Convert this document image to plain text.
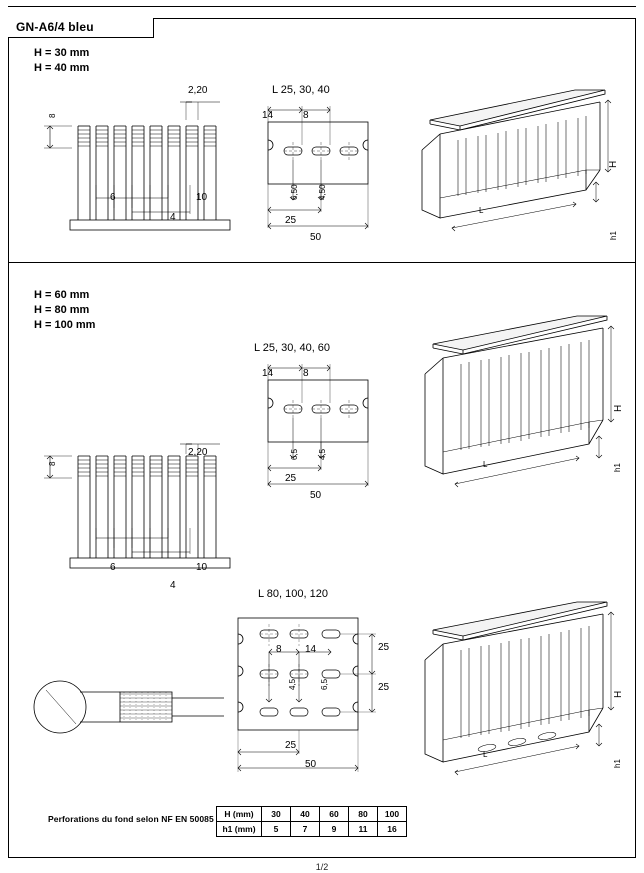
GN-A6/4 bleu
H = 30 mm
H = 40 mm
2,20
8
6	10
4
L 25, 30, 40
14	8
6,50 4,50
25
50
H
L
h1
H = 60 mm
H = 80 mm
H = 100 mm
2,20
8
6	10
4
L 25, 30, 40, 60
14	8
6,5 4,5
25
50
L 80, 100, 120
8 14
4,5	6,5
25
25
25
50
H
L	h1
H
L
h1
Perforations du fond selon NF EN 50085 H (mm)	30	40	60	80	100
h1 (mm)	5	7	9	11	16
1/2
